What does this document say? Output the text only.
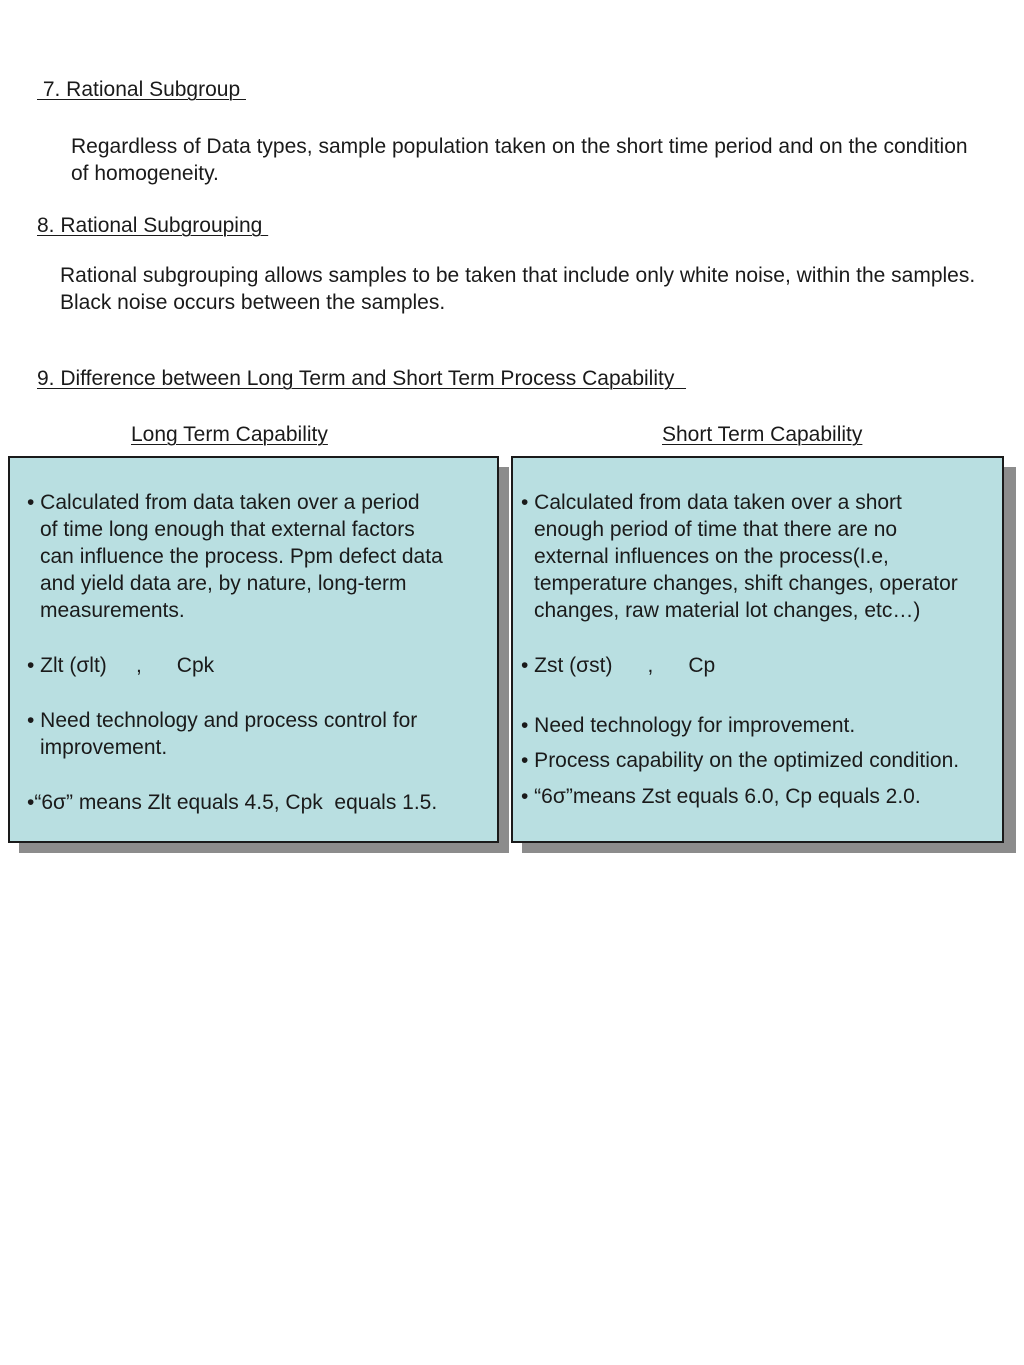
7. Rational Subgroup
Regardless of Data types, sample population taken on the short time period and on the condition of homogeneity.
8. Rational Subgrouping
Rational subgrouping allows samples to be taken that include only white noise, within the samples. Black noise occurs between the samples.
9. Difference between Long Term and Short Term Process Capability
Long Term Capability	Short Term Capability
• Calculated from data taken over a period
of time long enough that external factors
can influence the process. Ppm defect data
and yield data are, by nature, long-term
measurements.
• Zlt (σlt)     ,      Cpk
• Need technology and process control for
improvement.
•“6σ” means Zlt equals 4.5, Cpk  equals 1.5.
• Calculated from data taken over a short
enough period of time that there are no
external influences on the process(I.e,
temperature changes, shift changes, operator
changes, raw material lot changes, etc…)
• Zst (σst)      ,      Cp
• Need technology for improvement.
• Process capability on the optimized condition.
• “6σ”means Zst equals 6.0, Cp equals 2.0.
